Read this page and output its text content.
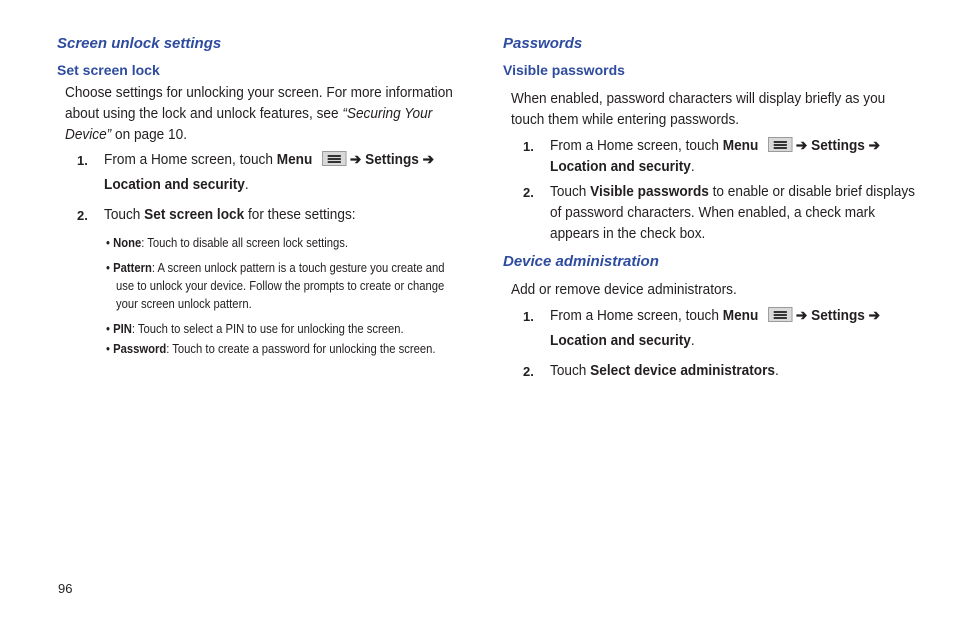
Screen unlock settings
Set screen lock
Choose settings for unlocking your screen. For more information
about using the lock and unlock features, see “Securing Your
Device” on page 10.
1. From a Home screen, touch Menu	➔ Settings ➔
Location and security.
2. Touch Set screen lock for these settings:
• None: Touch to disable all screen lock settings.
• Pattern: A screen unlock pattern is a touch gesture you create and
use to unlock your device. Follow the prompts to create or change
your screen unlock pattern.
• PIN: Touch to select a PIN to use for unlocking the screen.
• Password: Touch to create a password for unlocking the screen.
Passwords
Visible passwords
When enabled, password characters will display briefly as you
touch them while entering passwords.
1. From a Home screen, touch Menu	➔ Settings ➔
Location and security.
2. Touch Visible passwords to enable or disable brief displays
of password characters. When enabled, a check mark
appears in the check box.
Device administration
Add or remove device administrators.
1. From a Home screen, touch Menu	➔ Settings ➔
Location and security.
2. Touch Select device administrators.
96
